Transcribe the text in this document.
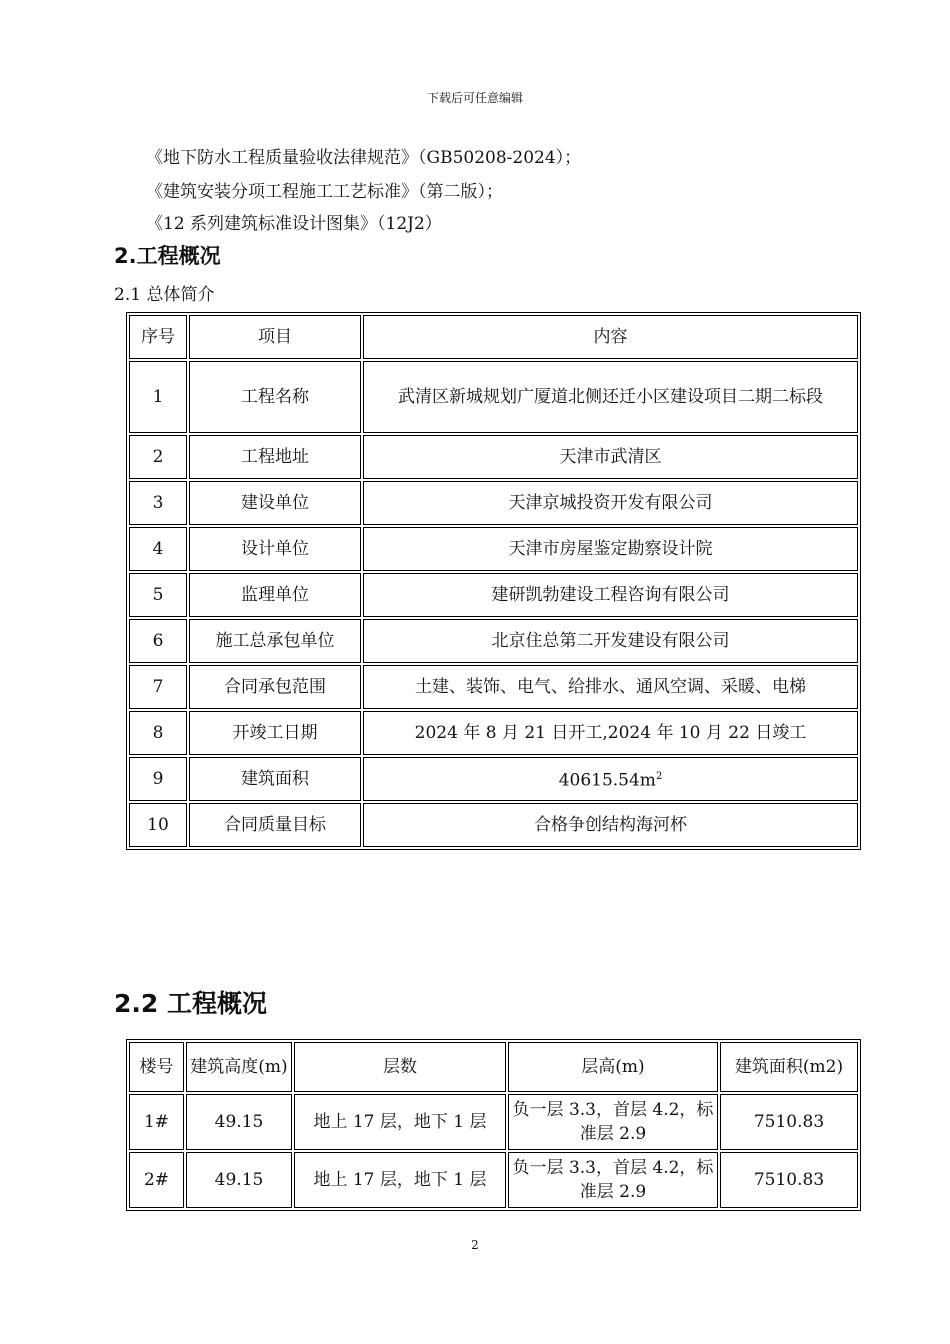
下载后可任意编辑
《地下防水工程质量验收法律规范》（GB50208-2024）；
《建筑安装分项工程施工工艺标准》（第二版）；
《12 系列建筑标准设计图集》（12J2）
2.工程概况
2.1 总体简介
序号	项目	内容
1	工程名称	武清区新城规划广厦道北侧还迁小区建设项目二期二标段
2	工程地址	天津市武清区
3	建设单位	天津京城投资开发有限公司
4	设计单位	天津市房屋鉴定勘察设计院
5	监理单位	建研凯勃建设工程咨询有限公司
6	施工总承包单位	北京住总第二开发建设有限公司
7	合同承包范围	土建、装饰、电气、给排水、通风空调、采暖、电梯
8	开竣工日期	2024 年 8 月 21 日开工,2024 年 10 月 22 日竣工
9	建筑面积	$40615.54m^2$
10	合同质量目标	合格争创结构海河杯
2.2 工程概况
楼号	建筑高度(m)	层数	层高(m)	建筑面积(m2)
1#	49.15	地上 17 层，地下 1 层	负一层 3.3，首层 4.2，标准层 2.9	7510.83
2#	49.15	地上 17 层，地下 1 层	负一层 3.3，首层 4.2，标准层 2.9	7510.83
2
